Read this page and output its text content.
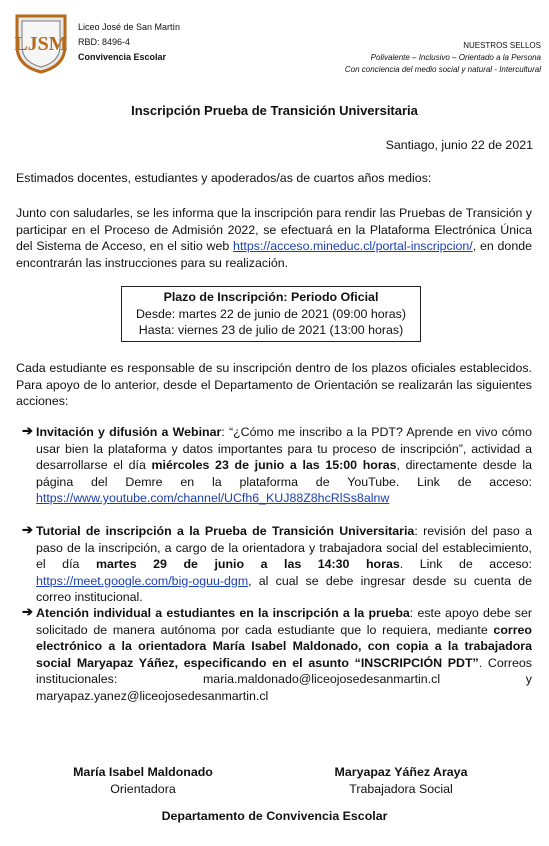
LJSM
Liceo José de San Martín
RBD: 8496-4
Convivencia Escolar
NUESTROS SELLOS
Polivalente – Inclusivo – Orientado a la Persona
Con conciencia del medio social y natural - Intercultural
Inscripción Prueba de Transición Universitaria
Santiago, junio 22 de 2021
Estimados docentes, estudiantes y apoderados/as de cuartos años medios:
Junto con saludarles, se les informa que la inscripción para rendir las Pruebas de Transición y participar en el Proceso de Admisión 2022, se efectuará en la Plataforma Electrónica Única del Sistema de Acceso, en el sitio web https://acceso.mineduc.cl/portal-inscripcion/, en donde encontrarán las instrucciones para su realización.
Plazo de Inscripción: Periodo Oficial
Desde: martes 22 de junio de 2021 (09:00 horas)
Hasta: viernes 23 de julio de 2021 (13:00 horas)
Cada estudiante es responsable de su inscripción dentro de los plazos oficiales establecidos. Para apoyo de lo anterior, desde el Departamento de Orientación se realizarán las siguientes acciones:
➔ Invitación y difusión a Webinar: “¿Cómo me inscribo a la PDT? Aprende en vivo cómo usar bien la plataforma y datos importantes para tu proceso de inscripción”, actividad a desarrollarse el día miércoles 23 de junio a las 15:00 horas, directamente desde la página del Demre en la plataforma de YouTube. Link de acceso: https://www.youtube.com/channel/UCfh6_KUJ88Z8hcRlSs8alnw
➔ Tutorial de inscripción a la Prueba de Transición Universitaria: revisión del paso a paso de la inscripción, a cargo de la orientadora y trabajadora social del establecimiento, el día martes 29 de junio a las 14:30 horas. Link de acceso: https://meet.google.com/big-oguu-dgm, al cual se debe ingresar desde su cuenta de correo institucional.
➔ Atención individual a estudiantes en la inscripción a la prueba: este apoyo debe ser solicitado de manera autónoma por cada estudiante que lo requiera, mediante correo electrónico a la orientadora María Isabel Maldonado, con copia a la trabajadora social Maryapaz Yáñez, especificando en el asunto “INSCRIPCIÓN PDT”. Correos institucionales: maria.maldonado@liceojosedesanmartin.cl y maryapaz.yanez@liceojosedesanmartin.cl
María Isabel Maldonado
Orientadora
Maryapaz Yáñez Araya
Trabajadora Social
Departamento de Convivencia Escolar
